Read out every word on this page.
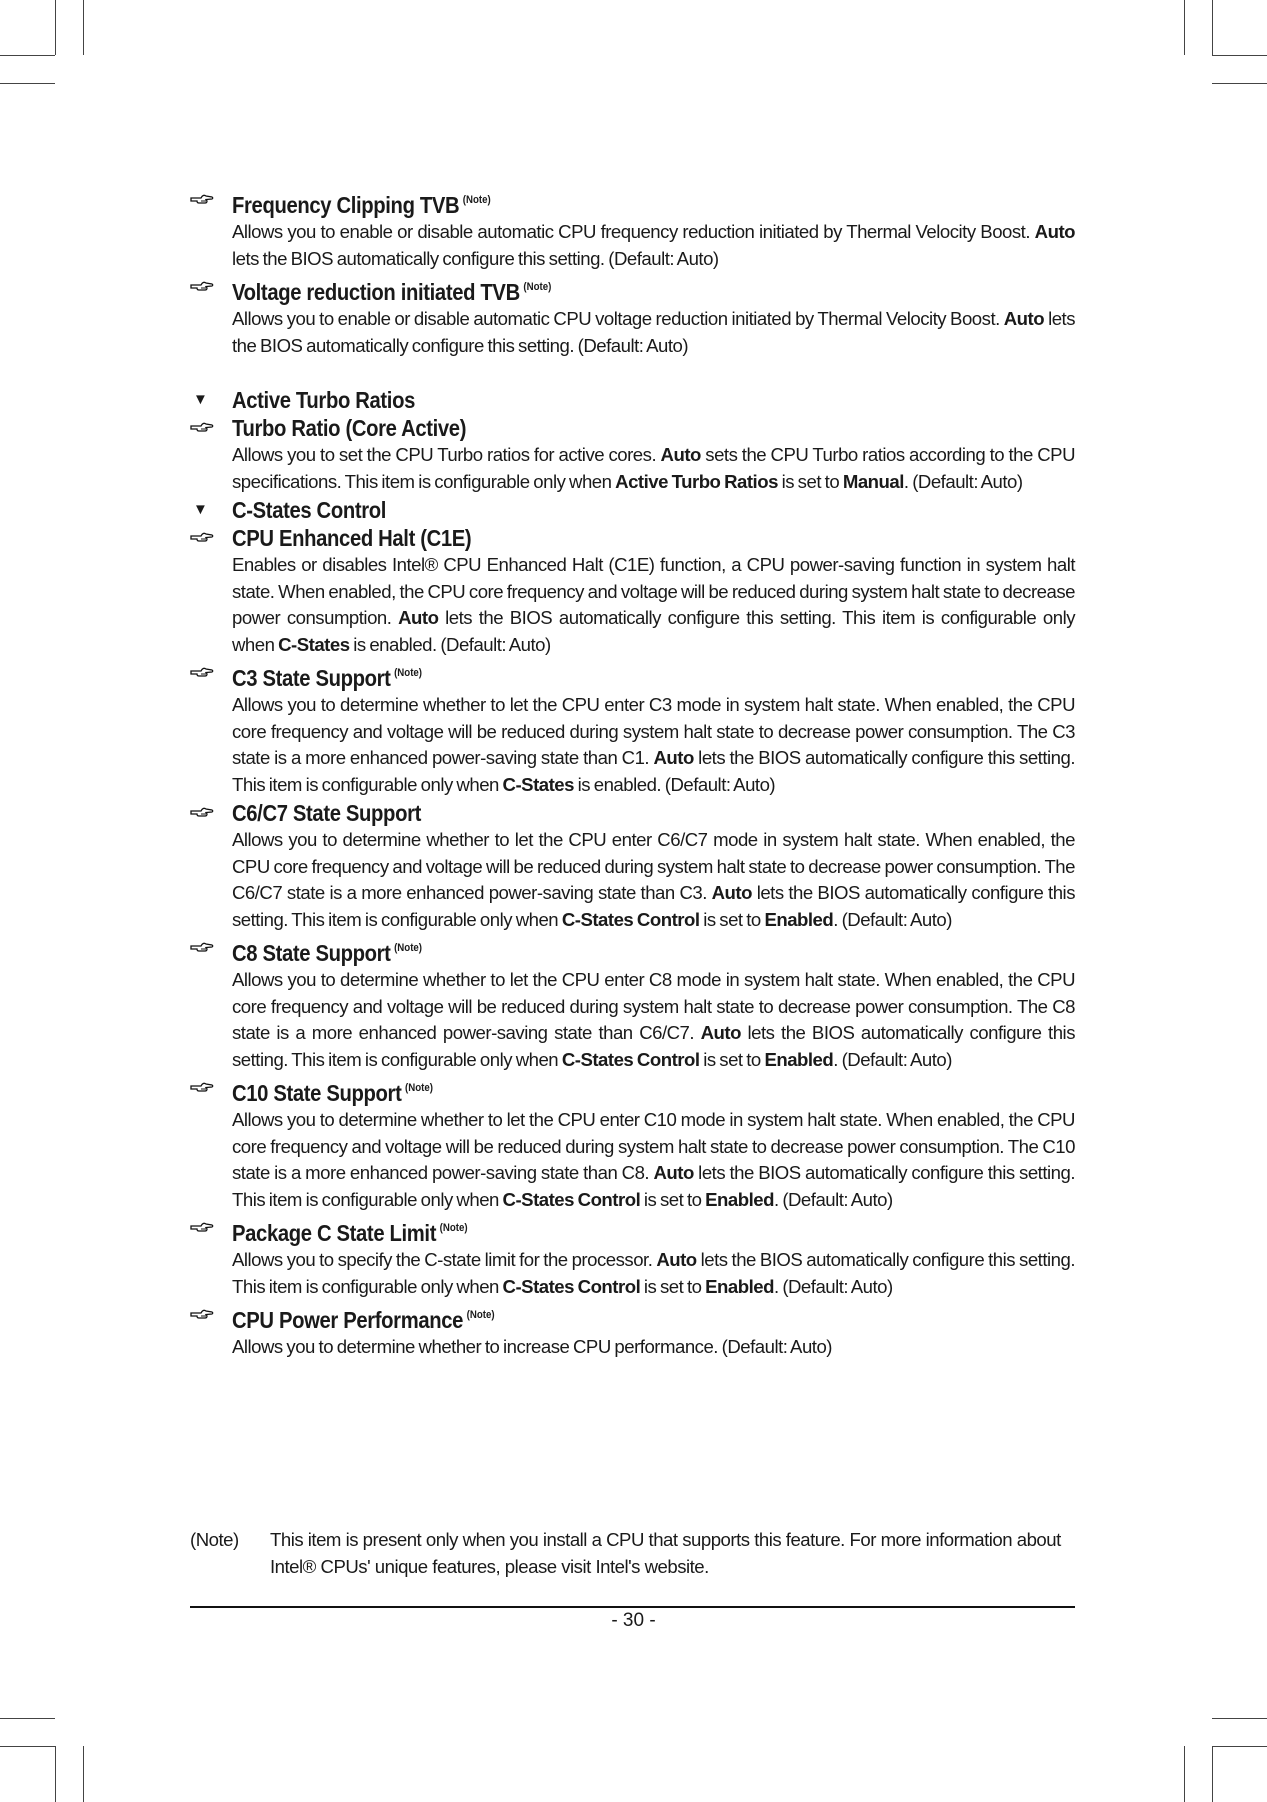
Frequency Clipping TVB $^{(Note)}$

Allows you to enable or disable automatic CPU frequency reduction initiated by Thermal Velocity Boost. Auto lets the BIOS automatically configure this setting. (Default: Auto)

Voltage reduction initiated TVB $^{(Note)}$

Allows you to enable or disable automatic CPU voltage reduction initiated by Thermal Velocity Boost. Auto lets the BIOS automatically configure this setting. (Default: Auto)

▼ Active Turbo Ratios
Turbo Ratio (Core Active)

Allows you to set the CPU Turbo ratios for active cores. Auto sets the CPU Turbo ratios according to the CPU specifications. This item is configurable only when Active Turbo Ratios is set to Manual. (Default: Auto)

▼ C-States Control
CPU Enhanced Halt (C1E)

Enables or disables Intel® CPU Enhanced Halt (C1E) function, a CPU power-saving function in system halt state. When enabled, the CPU core frequency and voltage will be reduced during system halt state to decrease power consumption. Auto lets the BIOS automatically configure this setting. This item is configurable only when C-States is enabled. (Default: Auto)

C3 State Support $^{(Note)}$

Allows you to determine whether to let the CPU enter C3 mode in system halt state. When enabled, the CPU core frequency and voltage will be reduced during system halt state to decrease power consumption. The C3 state is a more enhanced power-saving state than C1. Auto lets the BIOS automatically configure this setting. This item is configurable only when C-States is enabled. (Default: Auto)

C6/C7 State Support

Allows you to determine whether to let the CPU enter C6/C7 mode in system halt state. When enabled, the CPU core frequency and voltage will be reduced during system halt state to decrease power consumption. The C6/C7 state is a more enhanced power-saving state than C3. Auto lets the BIOS automatically configure this setting. This item is configurable only when C-States Control is set to Enabled. (Default: Auto)

C8 State Support $^{(Note)}$

Allows you to determine whether to let the CPU enter C8 mode in system halt state. When enabled, the CPU core frequency and voltage will be reduced during system halt state to decrease power consumption. The C8 state is a more enhanced power-saving state than C6/C7. Auto lets the BIOS automatically configure this setting. This item is configurable only when C-States Control is set to Enabled. (Default: Auto)

C10 State Support $^{(Note)}$

Allows you to determine whether to let the CPU enter C10 mode in system halt state. When enabled, the CPU core frequency and voltage will be reduced during system halt state to decrease power consumption. The C10 state is a more enhanced power-saving state than C8. Auto lets the BIOS automatically configure this setting. This item is configurable only when C-States Control is set to Enabled. (Default: Auto)

Package C State Limit $^{(Note)}$

Allows you to specify the C-state limit for the processor. Auto lets the BIOS automatically configure this setting. This item is configurable only when C-States Control is set to Enabled. (Default: Auto)

CPU Power Performance $^{(Note)}$

Allows you to determine whether to increase CPU performance. (Default: Auto)

(Note) This item is present only when you install a CPU that supports this feature. For more information about Intel® CPUs' unique features, please visit Intel's website.
- 30 -
